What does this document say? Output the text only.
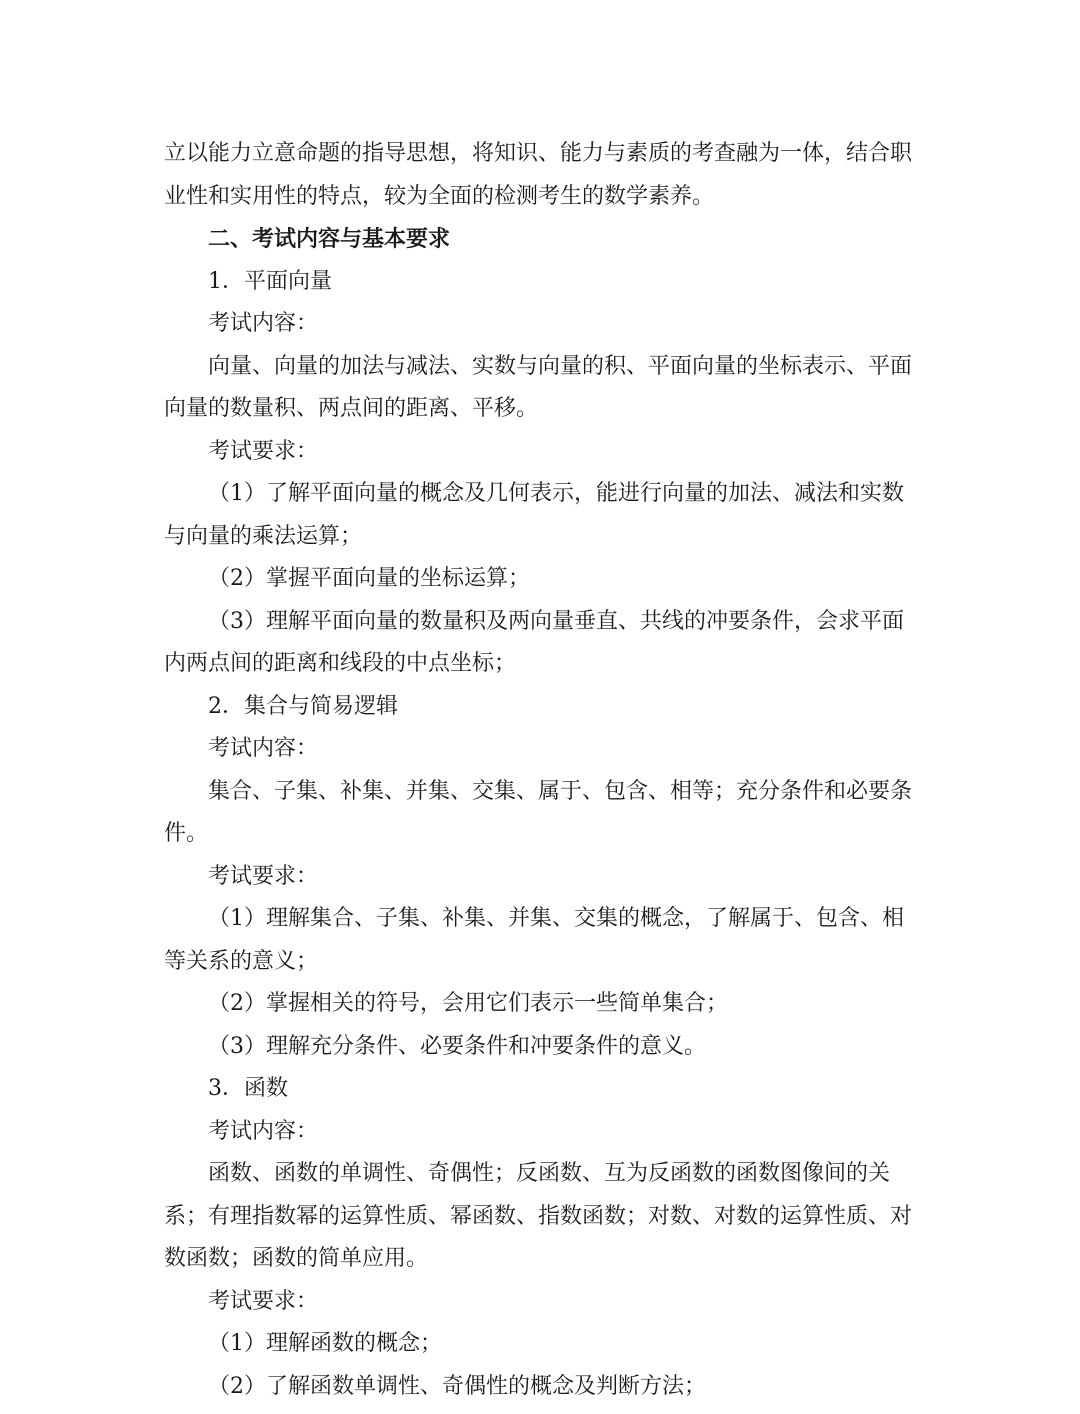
立以能力立意命题的指导思想，将知识、能力与素质的考查融为一体，结合职业性和实用性的特点，较为全面的检测考生的数学素养。

二、考试内容与基本要求

1．平面向量

考试内容：

向量、向量的加法与减法、实数与向量的积、平面向量的坐标表示、平面向量的数量积、两点间的距离、平移。

考试要求：

（1）了解平面向量的概念及几何表示，能进行向量的加法、减法和实数与向量的乘法运算；

（2）掌握平面向量的坐标运算；

（3）理解平面向量的数量积及两向量垂直、共线的冲要条件，会求平面内两点间的距离和线段的中点坐标；

2．集合与简易逻辑

考试内容：

集合、子集、补集、并集、交集、属于、包含、相等；充分条件和必要条件。

考试要求：

（1）理解集合、子集、补集、并集、交集的概念，了解属于、包含、相等关系的意义；

（2）掌握相关的符号，会用它们表示一些简单集合；

（3）理解充分条件、必要条件和冲要条件的意义。

3．函数

考试内容：

函数、函数的单调性、奇偶性；反函数、互为反函数的函数图像间的关系；有理指数幂的运算性质、幂函数、指数函数；对数、对数的运算性质、对数函数；函数的简单应用。

考试要求：

（1）理解函数的概念；

（2）了解函数单调性、奇偶性的概念及判断方法；
